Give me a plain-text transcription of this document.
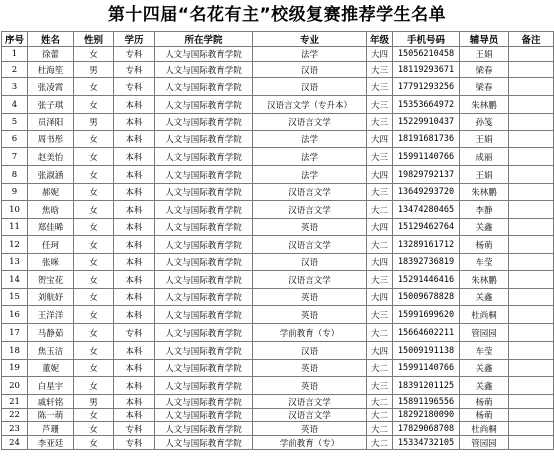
第十四届“名花有主”校级复赛推荐学生名单
序号	姓名	性别	学历	所在学院	专业	年级	手机号码	辅导员	备注
1	徐蕾	女	专科	人文与国际教育学院	法学	大四	15056210458	王娟	
2	杜海笙	男	专科	人文与国际教育学院	汉语	大三	18119293671	梁春	
3	张凌霄	女	专科	人文与国际教育学院	汉语	大三	17791293256	梁春	
4	张子琪	女	本科	人文与国际教育学院	汉语言文学（专升本）	大三	15353664972	朱林鹏	
5	员泽阳	男	本科	人文与国际教育学院	汉语言文学	大三	15229910437	孙笺	
6	周书彤	女	本科	人文与国际教育学院	法学	大四	18191681736	王娟	
7	赵美怡	女	本科	人文与国际教育学院	法学	大三	15991140766	成丽	
8	张淑涵	女	本科	人文与国际教育学院	法学	大四	19829792137	王娟	
9	郝妮	女	本科	人文与国际教育学院	汉语言文学	大三	13649293720	朱林鹏	
10	焦晗	女	本科	人文与国际教育学院	汉语言文学	大二	13474280465	李静	
11	郑佳晞	女	本科	人文与国际教育学院	英语	大四	15129462764	关鑫	
12	任珂	女	本科	人文与国际教育学院	汉语言文学	大二	13289161712	杨萌	
13	张咪	女	本科	人文与国际教育学院	汉语	大四	18392736819	车莹	
14	贺宝花	女	本科	人文与国际教育学院	汉语言文学	大三	15291446416	朱林鹏	
15	刘航妤	女	本科	人文与国际教育学院	英语	大四	15009678828	关鑫	
16	王洋洋	女	本科	人文与国际教育学院	英语	大三	15991699620	杜尚桐	
17	马静茹	女	专科	人文与国际教育学院	学前教育（专）	大二	15664602211	管园园	
18	焦玉洁	女	本科	人文与国际教育学院	汉语	大四	15009191138	车莹	
19	董妮	女	本科	人文与国际教育学院	英语	大二	15991140766	关鑫	
20	白星宇	女	本科	人文与国际教育学院	英语	大三	18391201125	关鑫	
21	戚轩铭	男	本科	人文与国际教育学院	汉语言文学	大二	15891196556	杨萌	
22	陈一萌	女	本科	人文与国际教育学院	汉语言文学	大二	18292180090	杨萌	
23	芦珊	女	专科	人文与国际教育学院	英语	大二	17829068708	杜尚桐	
24	李亚廷	女	专科	人文与国际教育学院	学前教育（专）	大二	15334732105	管园园	
